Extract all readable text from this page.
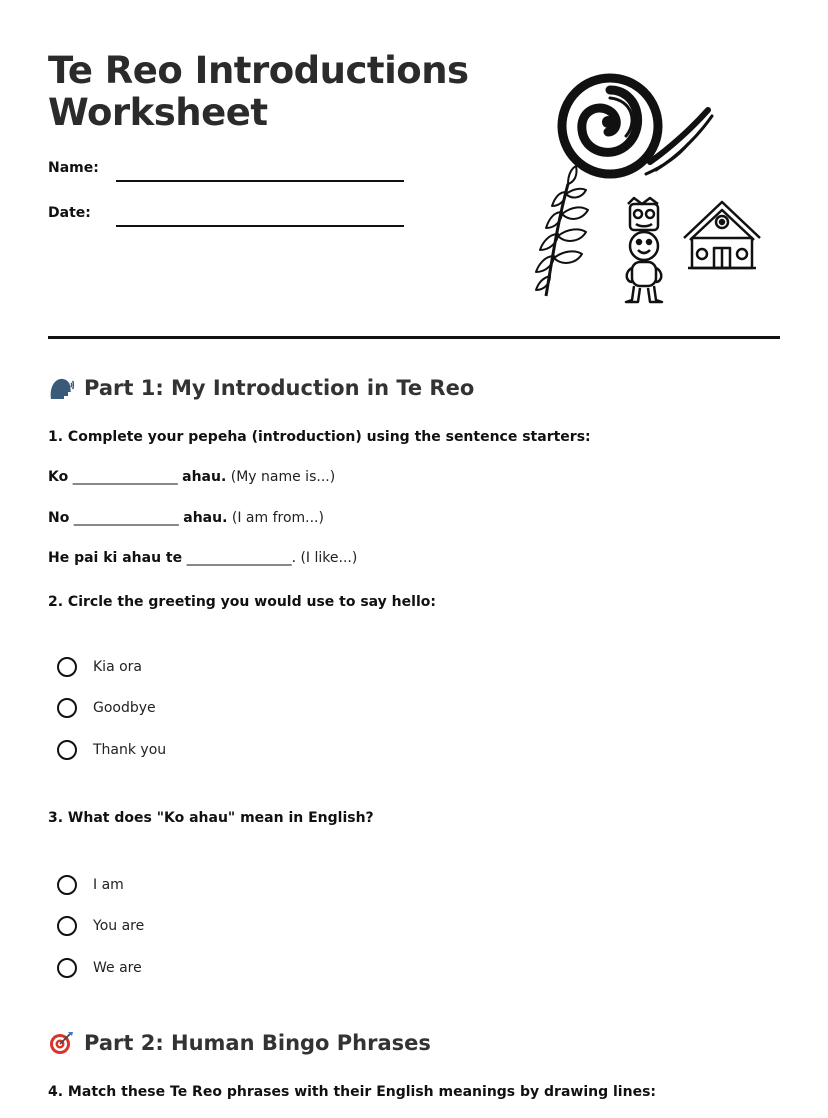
Te Reo Introductions
Worksheet
Name:
Date:
Part 1: My Introduction in Te Reo

1. Complete your pepeha (introduction) using the sentence starters:

Ko _______________ ahau. (My name is...)
No _______________ ahau. (I am from...)
He pai ki ahau te _______________. (I like...)

2. Circle the greeting you would use to say hello:

Kia ora
Goodbye
Thank you

3. What does "Ko ahau" mean in English?

I am
You are
We are
Part 2: Human Bingo Phrases

4. Match these Te Reo phrases with their English meanings by drawing lines:
